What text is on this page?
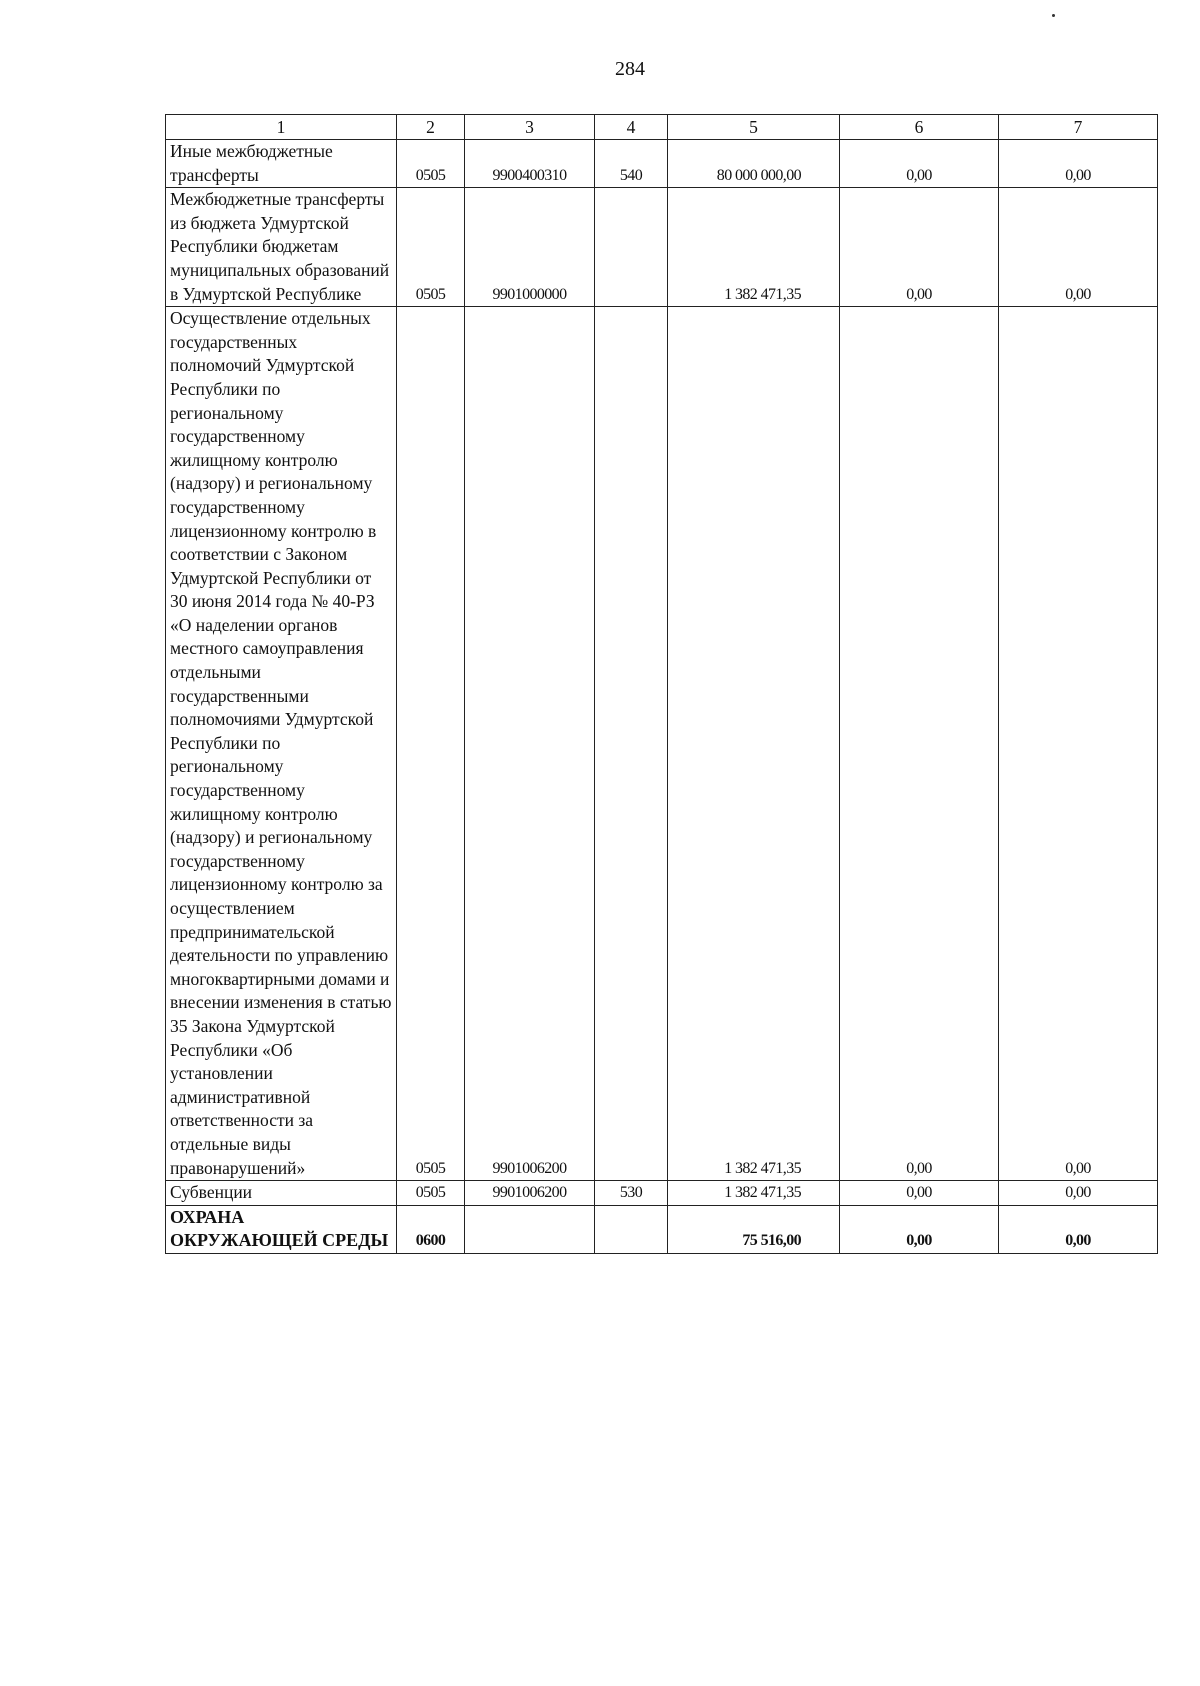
284
1	2	3	4	5	6	7
Иные межбюджетные трансферты	0505	9900400310	540	80 000 000,00	0,00	0,00
Межбюджетные трансферты из бюджета Удмуртской Республики бюджетам муниципальных образований в Удмуртской Республике	0505	9901000000		1 382 471,35	0,00	0,00
Осуществление отдельных государственных полномочий Удмуртской Республики по региональному государственному жилищному контролю (надзору) и региональному государственному лицензионному контролю в соответствии с Законом Удмуртской Республики от 30 июня 2014 года № 40-РЗ «О наделении органов местного самоуправления отдельными государственными полномочиями Удмуртской Республики по региональному государственному жилищному контролю (надзору) и региональному государственному лицензионному контролю за осуществлением предпринимательской деятельности по управлению многоквартирными домами и внесении изменения в статью 35 Закона Удмуртской Республики «Об установлении административной ответственности за отдельные виды правонарушений»	0505	9901006200		1 382 471,35	0,00	0,00
Субвенции	0505	9901006200	530	1 382 471,35	0,00	0,00
ОХРАНА ОКРУЖАЮЩЕЙ СРЕДЫ	0600			75 516,00	0,00	0,00
